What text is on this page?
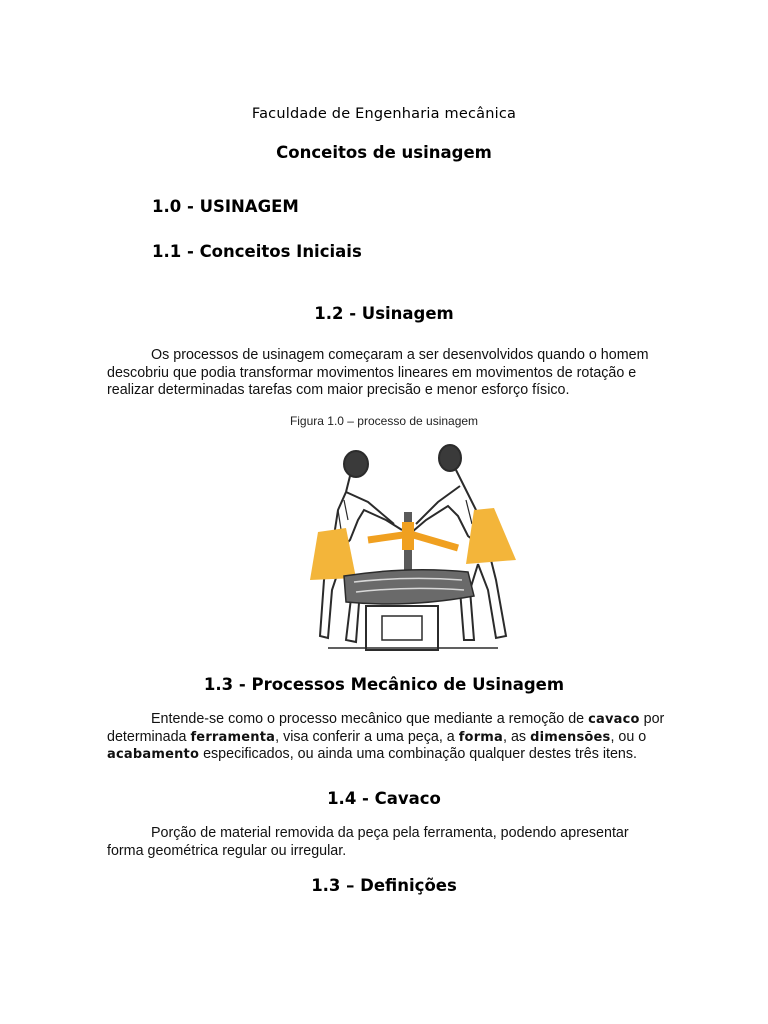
Faculdade de Engenharia mecânica
Conceitos de usinagem
1.0 - USINAGEM
1.1 - Conceitos Iniciais
1.2 - Usinagem
Os processos de usinagem começaram a ser desenvolvidos quando o homem descobriu que podia transformar movimentos lineares em movimentos de rotação e realizar determinadas tarefas com maior precisão e menor esforço físico.
Figura 1.0 – processo de usinagem
1.3 - Processos Mecânico de Usinagem
Entende-se como o processo mecânico que mediante a remoção de cavaco por determinada ferramenta, visa conferir a uma peça, a forma, as dimensões, ou o acabamento especificados, ou ainda uma combinação qualquer destes três itens.
1.4 - Cavaco
Porção de material removida da peça pela ferramenta, podendo apresentar forma geométrica regular ou irregular.
1.3 – Definições
